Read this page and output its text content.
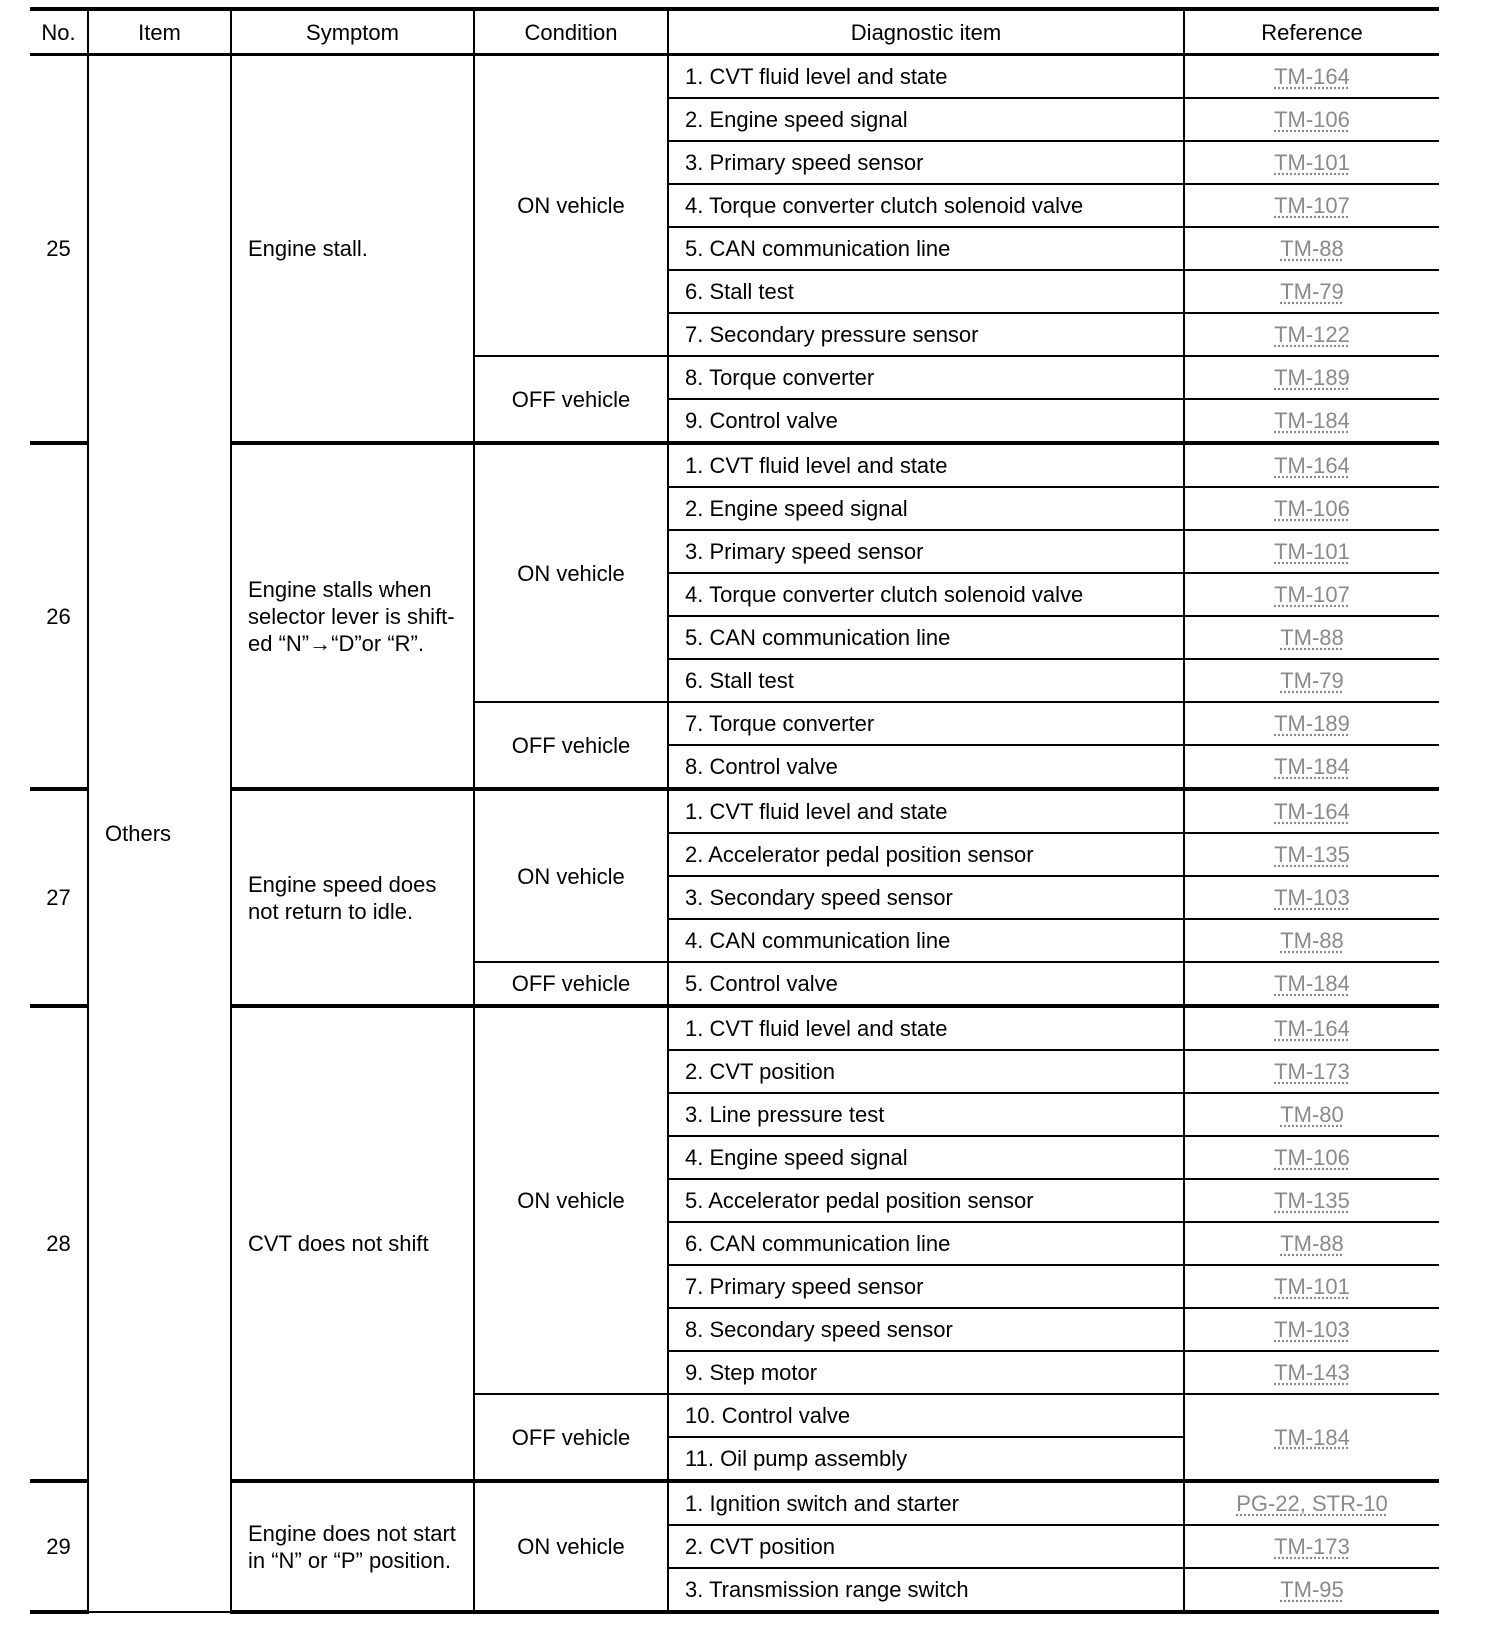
No.	Item	Symptom	Condition	Diagnostic item	Reference
25	Others	Engine stall.	ON vehicle	1. CVT fluid level and state	TM-164
				2. Engine speed signal	TM-106
				3. Primary speed sensor	TM-101
				4. Torque converter clutch solenoid valve	TM-107
				5. CAN communication line	TM-88
				6. Stall test	TM-79
				7. Secondary pressure sensor	TM-122
			OFF vehicle	8. Torque converter	TM-189
				9. Control valve	TM-184
26		Engine stalls when selector lever is shift-ed “N”→“D”or “R”.	ON vehicle	1. CVT fluid level and state	TM-164
				2. Engine speed signal	TM-106
				3. Primary speed sensor	TM-101
				4. Torque converter clutch solenoid valve	TM-107
				5. CAN communication line	TM-88
				6. Stall test	TM-79
			OFF vehicle	7. Torque converter	TM-189
				8. Control valve	TM-184
27		Engine speed does not return to idle.	ON vehicle	1. CVT fluid level and state	TM-164
				2. Accelerator pedal position sensor	TM-135
				3. Secondary speed sensor	TM-103
				4. CAN communication line	TM-88
			OFF vehicle	5. Control valve	TM-184
28		CVT does not shift	ON vehicle	1. CVT fluid level and state	TM-164
				2. CVT position	TM-173
				3. Line pressure test	TM-80
				4. Engine speed signal	TM-106
				5. Accelerator pedal position sensor	TM-135
				6. CAN communication line	TM-88
				7. Primary speed sensor	TM-101
				8. Secondary speed sensor	TM-103
				9. Step motor	TM-143
			OFF vehicle	10. Control valve	TM-184
				11. Oil pump assembly	
29		Engine does not start in “N” or “P” position.	ON vehicle	1. Ignition switch and starter	PG-22, STR-10
				2. CVT position	TM-173
				3. Transmission range switch	TM-95
